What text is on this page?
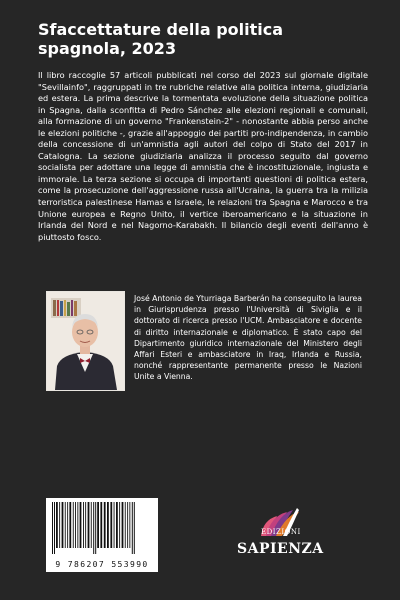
Sfaccettature della politica spagnola, 2023

Il libro raccoglie 57 articoli pubblicati nel corso del 2023 sul giornale digitale "Sevillainfo", raggruppati in tre rubriche relative alla politica interna, giudiziaria ed estera. La prima descrive la tormentata evoluzione della situazione politica in Spagna, dalla sconfitta di Pedro Sánchez alle elezioni regionali e comunali, alla formazione di un governo "Frankenstein-2" - nonostante abbia perso anche le elezioni politiche -, grazie all'appoggio dei partiti pro-indipendenza, in cambio della concessione di un'amnistia agli autori del colpo di Stato del 2017 in Catalogna. La sezione giudiziaria analizza il processo seguito dal governo socialista per adottare una legge di amnistia che è incostituzionale, ingiusta e immorale. La terza sezione si occupa di importanti questioni di politica estera, come la prosecuzione dell'aggressione russa all'Ucraina, la guerra tra la milizia terroristica palestinese Hamas e Israele, le relazioni tra Spagna e Marocco e tra Unione europea e Regno Unito, il vertice iberoamericano e la situazione in Irlanda del Nord e nel Nagorno-Karabakh. Il bilancio degli eventi dell'anno è piuttosto fosco.

José Antonio de Yturriaga Barberán ha conseguito la laurea in Giurisprudenza presso l'Università di Siviglia e il dottorato di ricerca presso l'UCM. Ambasciatore e docente di diritto internazionale e diplomatico. È stato capo del Dipartimento giuridico internazionale del Ministero degli Affari Esteri e ambasciatore in Iraq, Irlanda e Russia, nonché rappresentante permanente presso le Nazioni Unite a Vienna.

9 786207 553990
EDIZIONI
SAPIENZA
